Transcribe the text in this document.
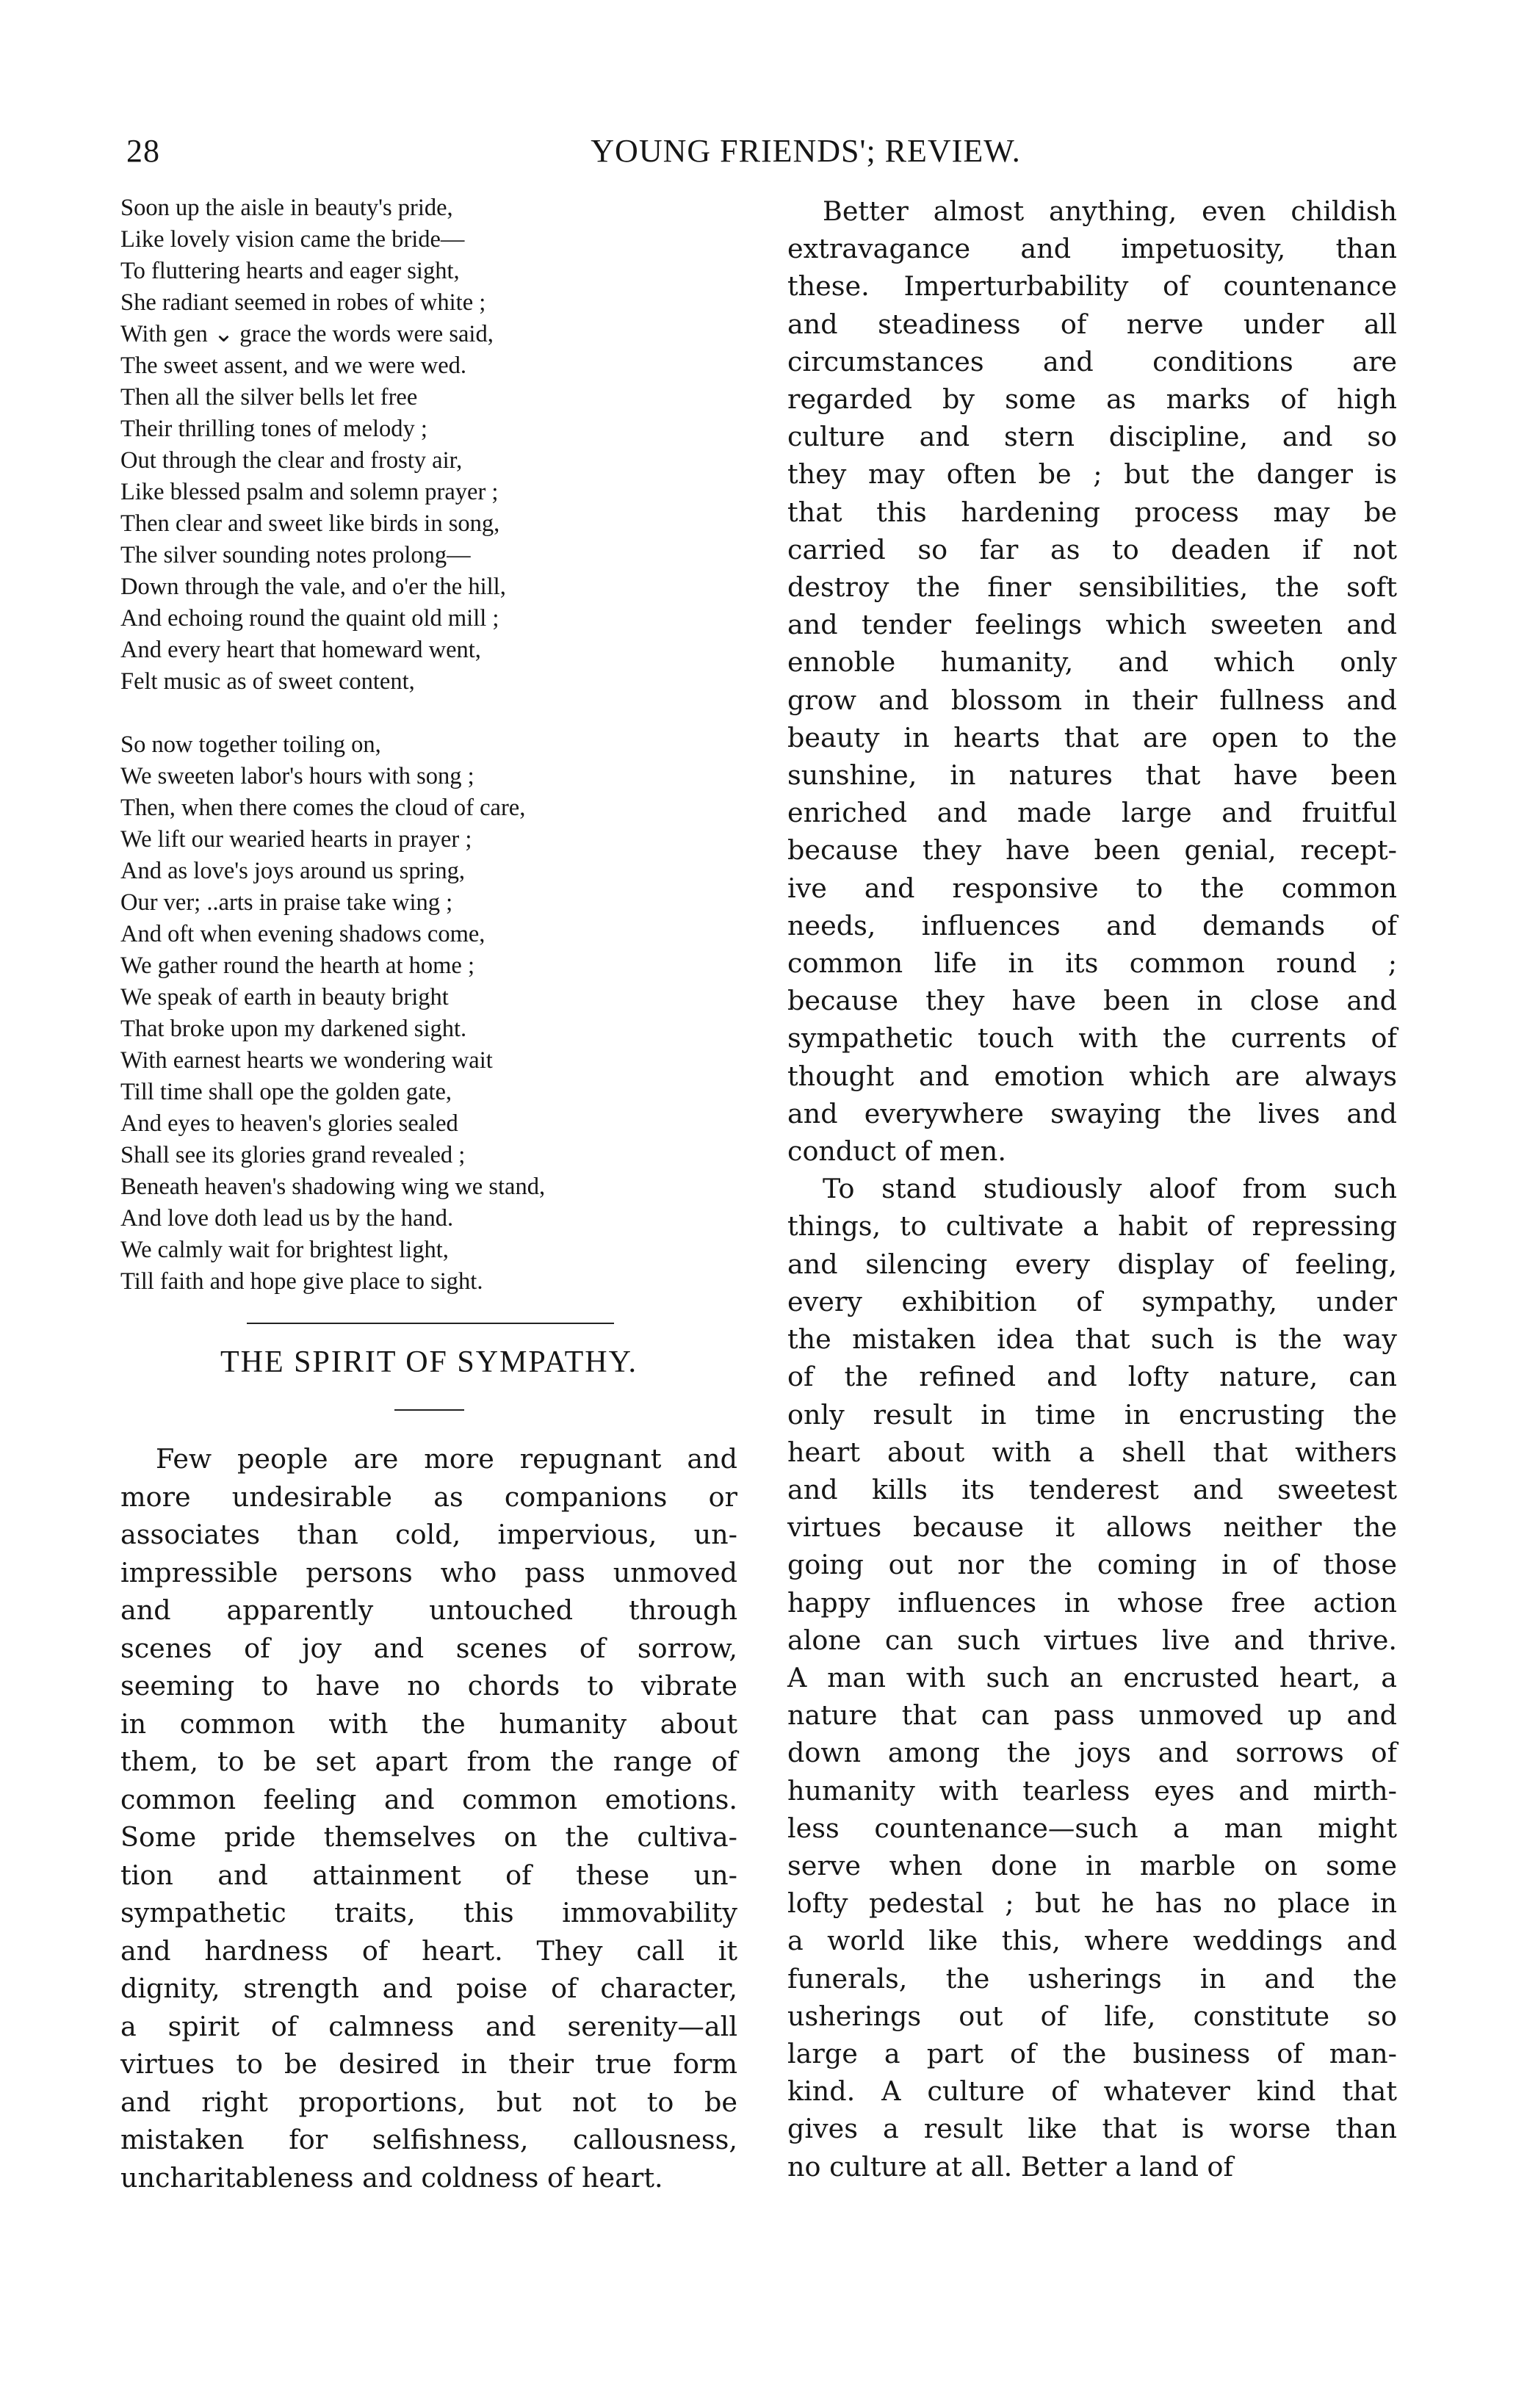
28	YOUNG FRIENDS'; REVIEW.
Soon up the aisle in beauty's pride,
Like lovely vision came the bride—
To fluttering hearts and eager sight,
She radiant seemed in robes of white ;
With gen ⌄ grace the words were said,
The sweet assent, and we were wed.
Then all the silver bells let free
Their thrilling tones of melody ;
Out through the clear and frosty air,
Like blessed psalm and solemn prayer ;
Then clear and sweet like birds in song,
The silver sounding notes prolong—
Down through the vale, and o'er the hill,
And echoing round the quaint old mill ;
And every heart that homeward went,
Felt music as of sweet content,
So now together toiling on,
We sweeten labor's hours with song ;
Then, when there comes the cloud of care,
We lift our wearied hearts in prayer ;
And as love's joys around us spring,
Our ver; ..arts in praise take wing ;
And oft when evening shadows come,
We gather round the hearth at home ;
We speak of earth in beauty bright
That broke upon my darkened sight.
With earnest hearts we wondering wait
Till time shall ope the golden gate,
And eyes to heaven's glories sealed
Shall see its glories grand revealed ;
Beneath heaven's shadowing wing we stand,
And love doth lead us by the hand.
We calmly wait for brightest light,
Till faith and hope give place to sight.
THE SPIRIT OF SYMPATHY.
Few people are more repugnant and
more undesirable as companions or
associates than cold, impervious, un-
impressible persons who pass unmoved
and apparently untouched through
scenes of joy and scenes of sorrow,
seeming to have no chords to vibrate
in common with the humanity about
them, to be set apart from the range of
common feeling and common emotions.
Some pride themselves on the cultiva-
tion and attainment of these un-
sympathetic traits, this immovability
and hardness of heart. They call it
dignity, strength and poise of character,
a spirit of calmness and serenity—all
virtues to be desired in their true form
and right proportions, but not to be
mistaken for selfishness, callousness,
uncharitableness and coldness of heart.
Better almost anything, even childish
extravagance and impetuosity, than
these. Imperturbability of countenance
and steadiness of nerve under all
circumstances and conditions are
regarded by some as marks of high
culture and stern discipline, and so
they may often be ; but the danger is
that this hardening process may be
carried so far as to deaden if not
destroy the finer sensibilities, the soft
and tender feelings which sweeten and
ennoble humanity, and which only
grow and blossom in their fullness and
beauty in hearts that are open to the
sunshine, in natures that have been
enriched and made large and fruitful
because they have been genial, recept-
ive and responsive to the common
needs, influences and demands of
common life in its common round ;
because they have been in close and
sympathetic touch with the currents of
thought and emotion which are always
and everywhere swaying the lives and
conduct of men.
To stand studiously aloof from such
things, to cultivate a habit of repressing
and silencing every display of feeling,
every exhibition of sympathy, under
the mistaken idea that such is the way
of the refined and lofty nature, can
only result in time in encrusting the
heart about with a shell that withers
and kills its tenderest and sweetest
virtues because it allows neither the
going out nor the coming in of those
happy influences in whose free action
alone can such virtues live and thrive.
A man with such an encrusted heart, a
nature that can pass unmoved up and
down among the joys and sorrows of
humanity with tearless eyes and mirth-
less countenance—such a man might
serve when done in marble on some
lofty pedestal ; but he has no place in
a world like this, where weddings and
funerals, the usherings in and the
usherings out of life, constitute so
large a part of the business of man-
kind. A culture of whatever kind that
gives a result like that is worse than
no culture at all. Better a land of
